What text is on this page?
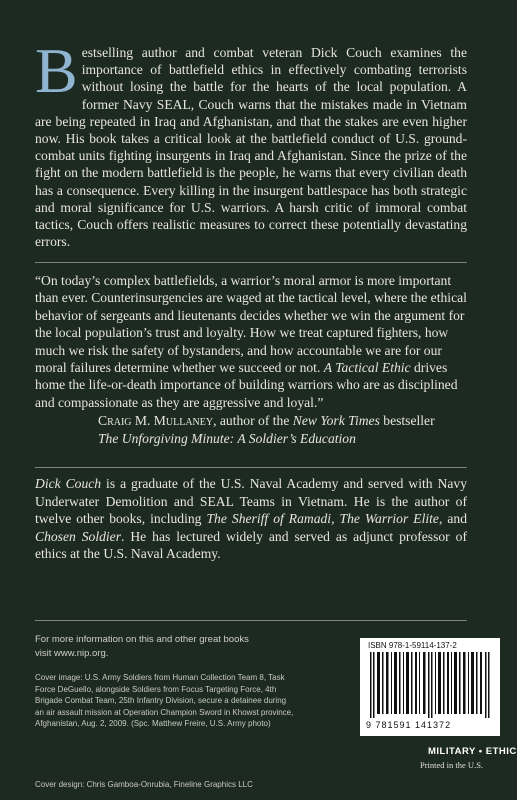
Bestselling author and combat veteran Dick Couch examines the importance of battlefield ethics in effectively combating terrorists without losing the battle for the hearts of the local population. A former Navy SEAL, Couch warns that the mistakes made in Vietnam are being repeated in Iraq and Afghanistan, and that the stakes are even higher now. His book takes a critical look at the battlefield conduct of U.S. ground-combat units fighting insurgents in Iraq and Afghanistan. Since the prize of the fight on the modern battlefield is the people, he warns that every civilian death has a consequence. Every killing in the insurgent battlespace has both strategic and moral significance for U.S. warriors. A harsh critic of immoral combat tactics, Couch offers realistic measures to correct these potentially devastating errors.
“On today’s complex battlefields, a warrior’s moral armor is more important than ever. Counterinsurgencies are waged at the tactical level, where the ethical behavior of sergeants and lieutenants decides whether we win the argument for the local population’s trust and loyalty. How we treat captured fighters, how much we risk the safety of bystanders, and how accountable we are for our moral failures determine whether we succeed or not. A Tactical Ethic drives home the life-or-death importance of building warriors who are as disciplined and compassionate as they are aggressive and loyal.”
Craig M. Mullaney, author of the New York Times bestseller
The Unforgiving Minute: A Soldier’s Education
Dick Couch is a graduate of the U.S. Naval Academy and served with Navy Underwater Demolition and SEAL Teams in Vietnam. He is the author of twelve other books, including The Sheriff of Ramadi, The Warrior Elite, and Chosen Soldier. He has lectured widely and served as adjunct professor of ethics at the U.S. Naval Academy.
For more information on this and other great books
visit www.nip.org.
Cover image: U.S. Army Soldiers from Human Collection Team 8, Task Force DeGuello, alongside Soldiers from Focus Targeting Force, 4th Brigade Combat Team, 25th Infantry Division, secure a detainee during an air assault mission at Operation Champion Sword in Khowst province, Afghanistan, Aug. 2, 2009. (Spc. Matthew Freire, U.S. Army photo)
Cover design: Chris Gamboa-Onrubia, Fineline Graphics LLC
ISBN 978-1-59114-137-2
9 781591 141372
MILITARY • ETHIC
Printed in the U.S.
